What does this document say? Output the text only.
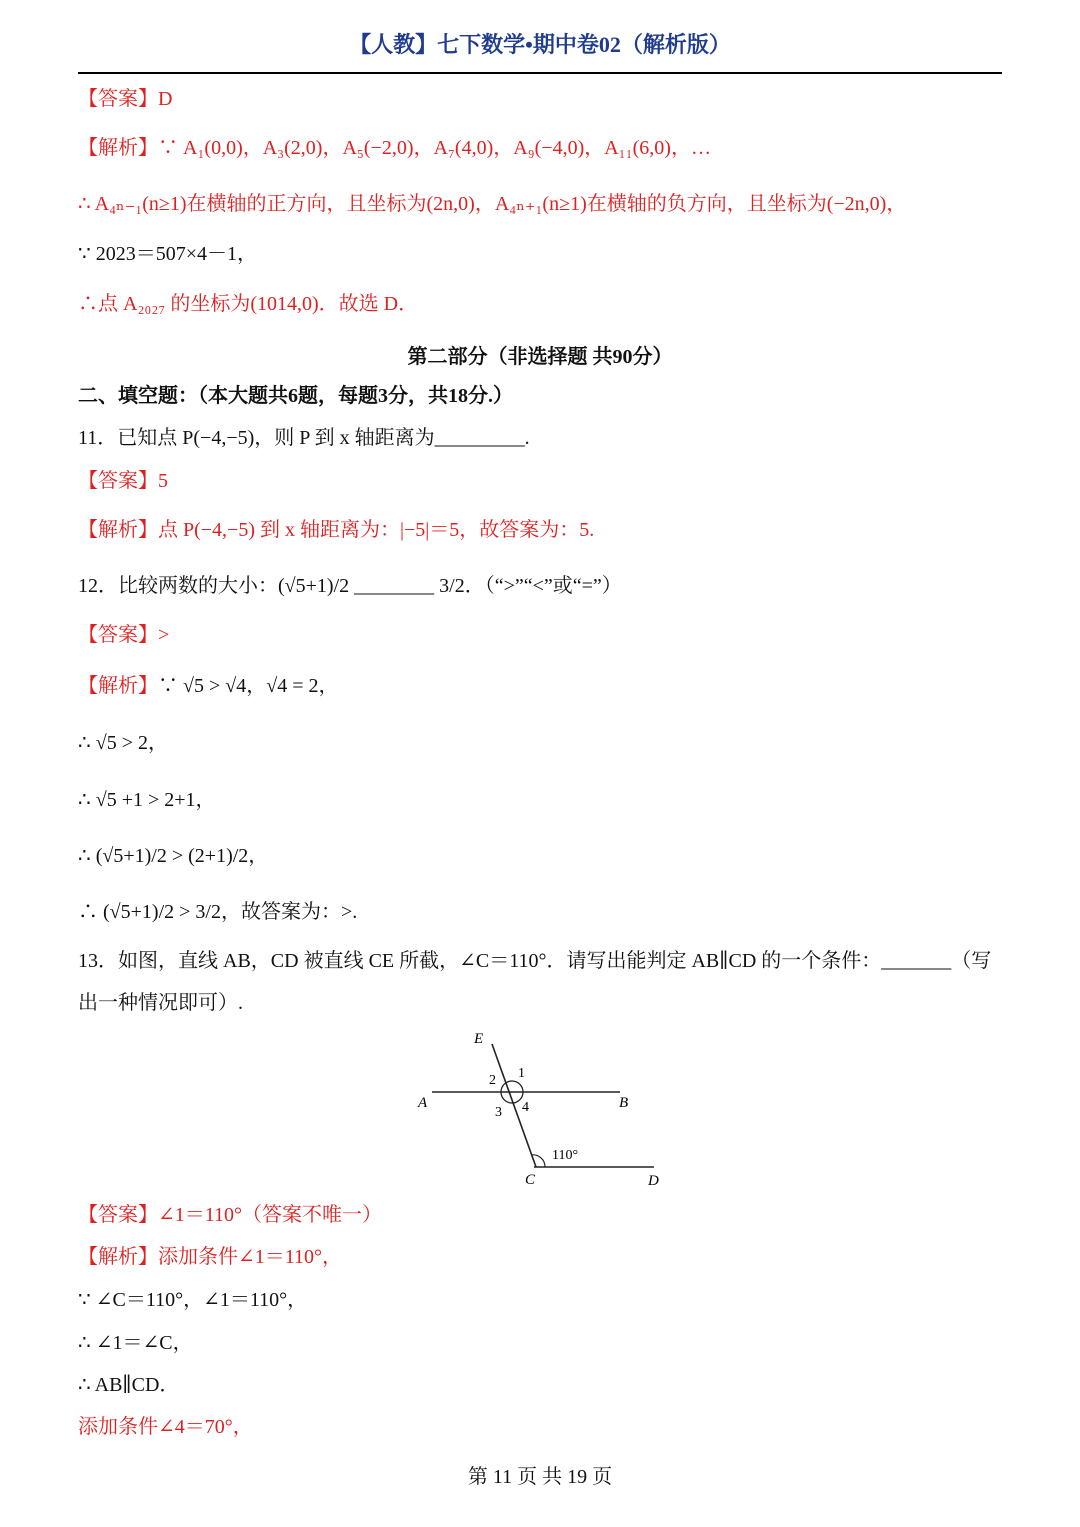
【人教】七下数学•期中卷02（解析版）
【答案】D
【解析】∵ A₁(0,0)，A₃(2,0)，A₅(−2,0)，A₇(4,0)，A₉(−4,0)，A₁₁(6,0)，…
∴ A₄ₙ₋₁(n≥1)在横轴的正方向，且坐标为(2n,0)，A₄ₙ₊₁(n≥1)在横轴的负方向，且坐标为(−2n,0)，
∵ 2023＝507×4－1，
∴点 A₂₀₂₇ 的坐标为(1014,0)．故选 D．
第二部分（非选择题 共90分）
二、填空题：（本大题共6题，每题3分，共18分.）
11．已知点 P(−4,−5)，则 P 到 x 轴距离为_________.
【答案】5
【解析】点 P(−4,−5) 到 x 轴距离为：|−5|＝5，故答案为：5.
12．比较两数的大小：(√5+1)/2 ________ 3/2．（“>”“<”或“=”）
【答案】>
【解析】∵ √5 > √4，√4 = 2，
∴ √5 > 2，
∴ √5 +1 > 2+1，
∴ (√5+1)/2 > (2+1)/2，
∴ (√5+1)/2 > 3/2，故答案为：>.
13．如图，直线 AB，CD 被直线 CE 所截，∠C＝110°．请写出能判定 AB∥CD 的一个条件：_______（写
出一种情况即可）.
E
A	B
C	D
1
2
3 4
110°
【答案】∠1＝110°（答案不唯一）
【解析】添加条件∠1＝110°，
∵ ∠C＝110°，∠1＝110°，
∴ ∠1＝∠C，
∴ AB∥CD．
添加条件∠4＝70°，
第 11 页 共 19 页
